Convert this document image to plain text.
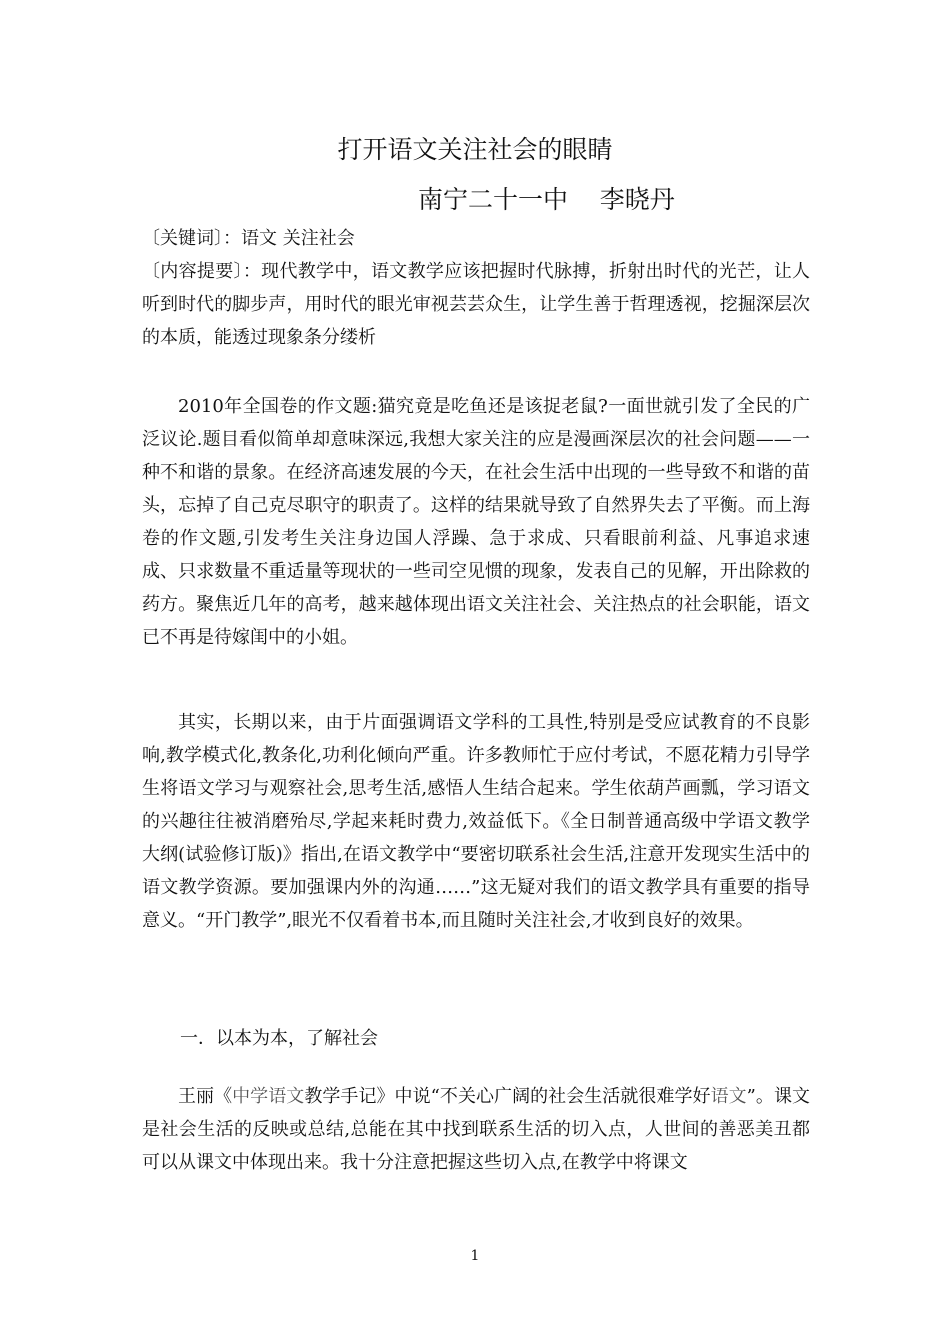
打开语文关注社会的眼睛
南宁二十一中    李晓丹
〔关键词〕：语文 关注社会
〔内容提要〕：现代教学中，语文教学应该把握时代脉搏，折射出时代的光芒，让人听到时代的脚步声，用时代的眼光审视芸芸众生，让学生善于哲理透视，挖掘深层次的本质，能透过现象条分缕析
2010年全国卷的作文题:猫究竟是吃鱼还是该捉老鼠?一面世就引发了全民的广泛议论.题目看似简单却意味深远,我想大家关注的应是漫画深层次的社会问题——一种不和谐的景象。在经济高速发展的今天，在社会生活中出现的一些导致不和谐的苗头，忘掉了自己克尽职守的职责了。这样的结果就导致了自然界失去了平衡。而上海卷的作文题,引发考生关注身边国人浮躁、急于求成、只看眼前利益、凡事追求速成、只求数量不重适量等现状的一些司空见惯的现象，发表自己的见解，开出除救的药方。聚焦近几年的高考，越来越体现出语文关注社会、关注热点的社会职能，语文已不再是待嫁闺中的小姐。
其实，长期以来，由于片面强调语文学科的工具性,特别是受应试教育的不良影响,教学模式化,教条化,功利化倾向严重。许多教师忙于应付考试，不愿花精力引导学生将语文学习与观察社会,思考生活,感悟人生结合起来。学生依葫芦画瓢，学习语文的兴趣往往被消磨殆尽,学起来耗时费力,效益低下。《全日制普通高级中学语文教学大纲(试验修订版)》指出,在语文教学中“要密切联系社会生活,注意开发现实生活中的语文教学资源。要加强课内外的沟通……”这无疑对我们的语文教学具有重要的指导意义。“开门教学”,眼光不仅看着书本,而且随时关注社会,才收到良好的效果。
一．以本为本，了解社会
王丽《中学语文教学手记》中说“不关心广阔的社会生活就很难学好语文”。课文是社会生活的反映或总结,总能在其中找到联系生活的切入点，人世间的善恶美丑都可以从课文中体现出来。我十分注意把握这些切入点,在教学中将课文
1
